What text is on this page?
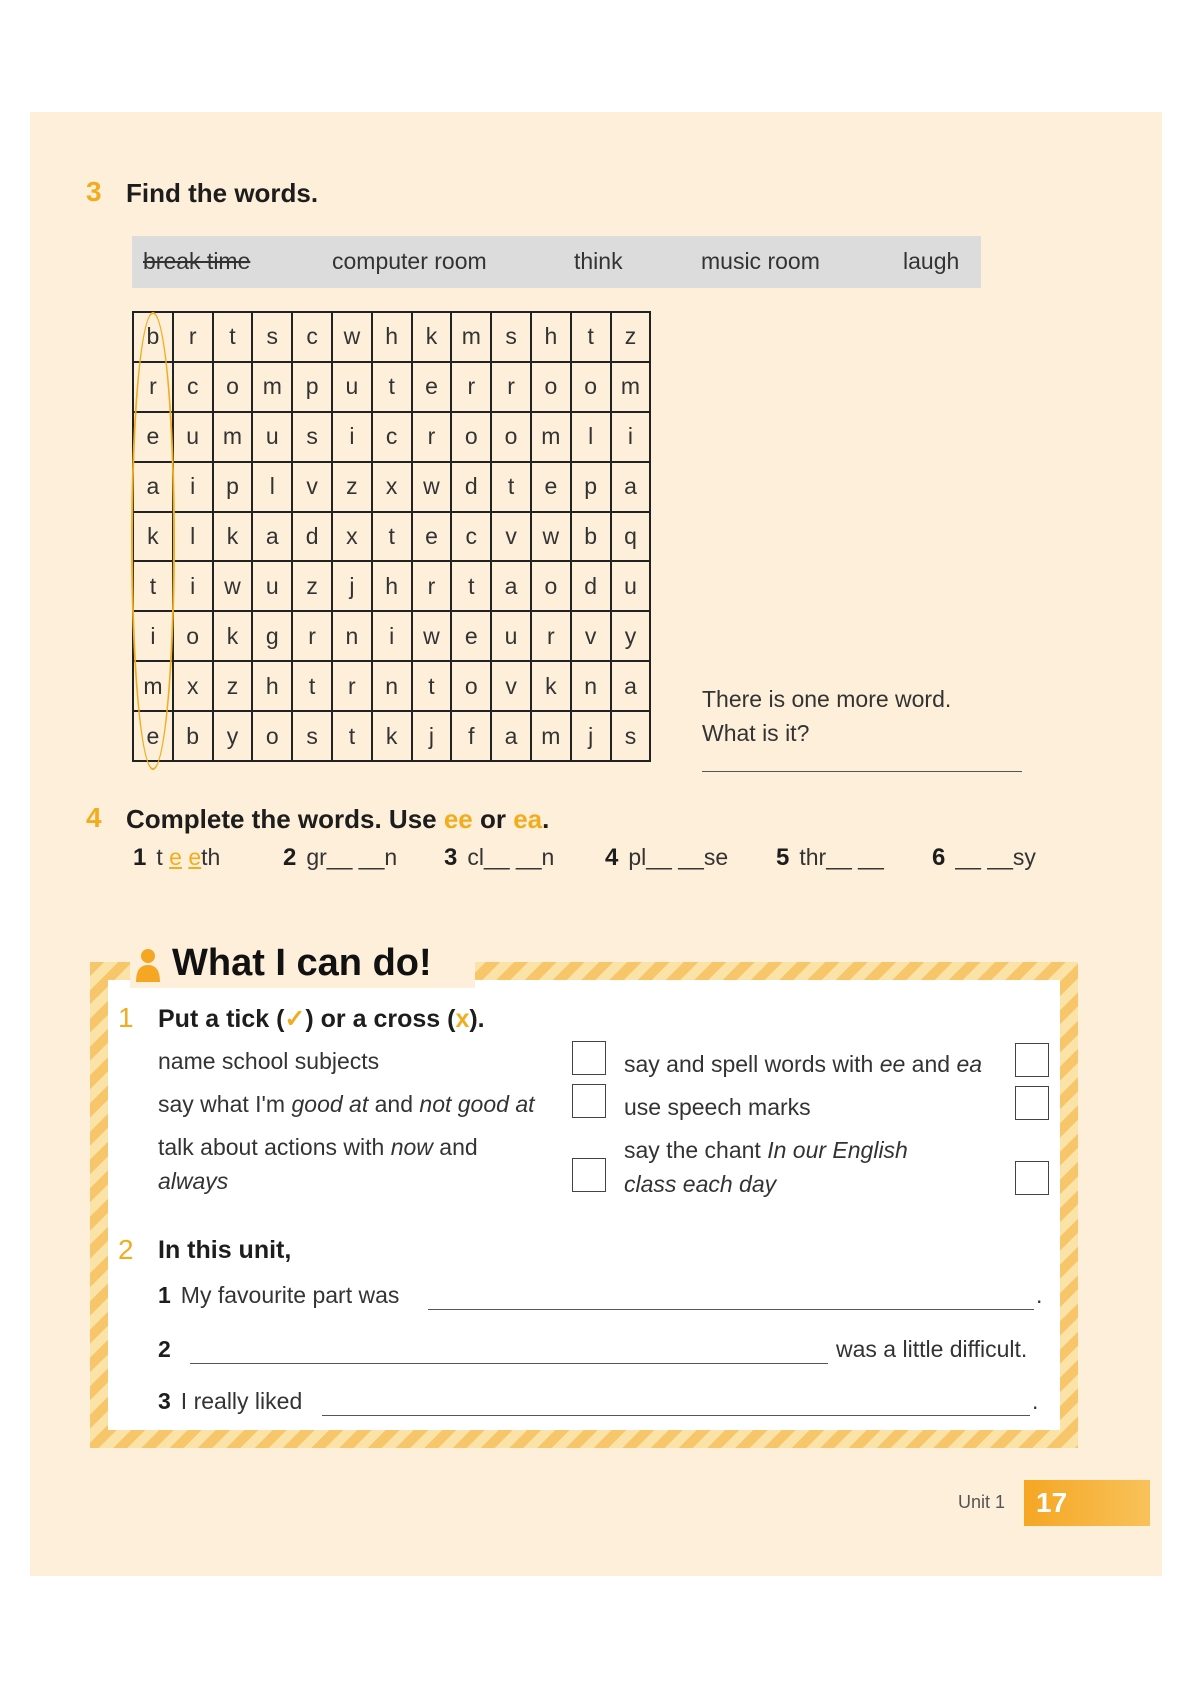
3 Find the words.
break time	computer room	think	music room	laugh
b	r	t	s	c	w	h	k	m	s	h	t	z
r	c	o	m	p	u	t	e	r	r	o	o	m
e	u	m	u	s	i	c	r	o	o	m	l	i
a	i	p	l	v	z	x	w	d	t	e	p	a
k	l	k	a	d	x	t	e	c	v	w	b	q
t	i	w	u	z	j	h	r	t	a	o	d	u
i	o	k	g	r	n	i	w	e	u	r	v	y
m	x	z	h	t	r	n	t	o	v	k	n	a
e	b	y	o	s	t	k	j	f	a	m	j	s
There is one more word.
What is it?
4 Complete the words. Use ee or ea.
1 t e eth	2 gr__ __n 3 cl__ __n 4 pl__ __se 5 thr__ __ 6 __ __sy
What I can do!
1 Put a tick (✓) or a cross (x).
name school subjects
say what I'm good at and not good at
talk about actions with now and
always
say and spell words with ee and ea
use speech marks
say the chant In our English
class each day
2 In this unit,
1 My favourite part was	.
2	was a little difficult.
3 I really liked	.
Unit 1	17
